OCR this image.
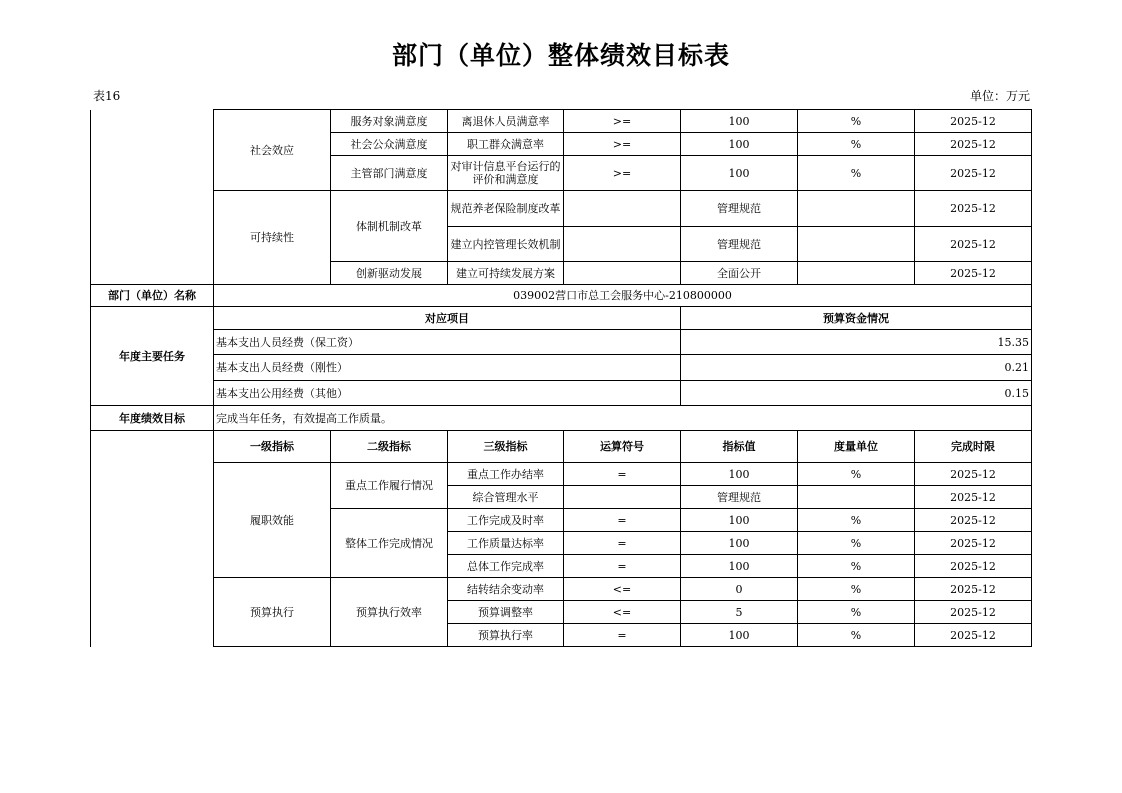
部门（单位）整体绩效目标表
表16	单位：万元
	社会效应	服务对象满意度	离退休人员满意率	>=	100	%	2025-12
		社会公众满意度	职工群众满意率	>=	100	%	2025-12
		主管部门满意度	对审计信息平台运行的评价和满意度	>=	100	%	2025-12
	可持续性	体制机制改革	规范养老保险制度改革		管理规范		2025-12
			建立内控管理长效机制		管理规范		2025-12
		创新驱动发展	建立可持续发展方案		全面公开		2025-12
部门（单位）名称	039002营口市总工会服务中心-210800000						
年度主要任务	对应项目				预算资金情况		
	基本支出人员经费（保工资）				15.35		
	基本支出人员经费（刚性）				0.21		
	基本支出公用经费（其他）				0.15		
年度绩效目标	完成当年任务，有效提高工作质量。						
	一级指标	二级指标	三级指标	运算符号	指标值	度量单位	完成时限
	履职效能	重点工作履行情况	重点工作办结率	=	100	%	2025-12
			综合管理水平		管理规范		2025-12
		整体工作完成情况	工作完成及时率	=	100	%	2025-12
			工作质量达标率	=	100	%	2025-12
			总体工作完成率	=	100	%	2025-12
	预算执行	预算执行效率	结转结余变动率	<=	0	%	2025-12
			预算调整率	<=	5	%	2025-12
			预算执行率	=	100	%	2025-12
